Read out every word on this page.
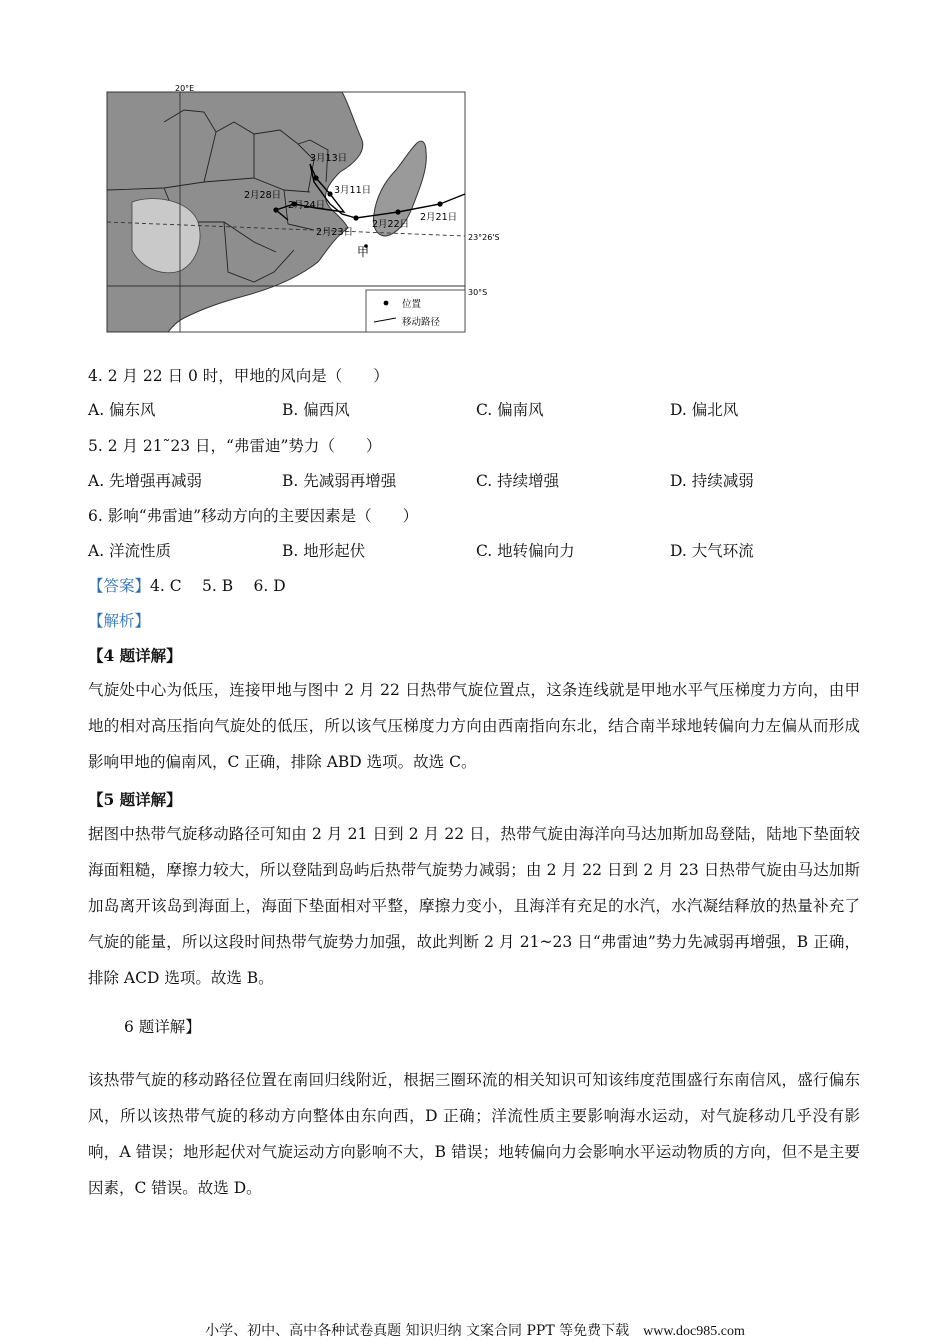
20°E
23°26'S
30°S
3月13日
3月11日
2月28日
2月24日
2月23日
2月22日
2月21日
甲
位置
移动路径
4. 2 月 22 日 0 时，甲地的风向是（　　）
A. 偏东风	B. 偏西风	C. 偏南风	D. 偏北风
5. 2 月 21˜23 日，“弗雷迪”势力（　　）
A. 先增强再减弱	B. 先减弱再增强	C. 持续增强	D. 持续减弱
6. 影响“弗雷迪”移动方向的主要因素是（　　）
A. 洋流性质	B. 地形起伏	C. 地转偏向力	D. 大气环流
【答案】4. C　 5. B　 6. D
【解析】
【4 题详解】

气旋处中心为低压，连接甲地与图中 2 月 22 日热带气旋位置点，这条连线就是甲地水平气压梯度力方向，由甲地的相对高压指向气旋处的低压，所以该气压梯度力方向由西南指向东北，结合南半球地转偏向力左偏从而形成影响甲地的偏南风，C 正确，排除 ABD 选项。故选 C。

【5 题详解】

据图中热带气旋移动路径可知由 2 月 21 日到 2 月 22 日，热带气旋由海洋向马达加斯加岛登陆，陆地下垫面较海面粗糙，摩擦力较大，所以登陆到岛屿后热带气旋势力减弱；由 2 月 22 日到 2 月 23 日热带气旋由马达加斯加岛离开该岛到海面上，海面下垫面相对平整，摩擦力变小，且海洋有充足的水汽，水汽凝结释放的热量补充了气旋的能量，所以这段时间热带气旋势力加强，故此判断 2 月 21~23 日“弗雷迪”势力先减弱再增强，B 正确，排除 ACD 选项。故选 B。

6 题详解】

该热带气旋的移动路径位置在南回归线附近，根据三圈环流的相关知识可知该纬度范围盛行东南信风，盛行偏东风，所以该热带气旋的移动方向整体由东向西，D 正确；洋流性质主要影响海水运动，对气旋移动几乎没有影响，A 错误；地形起伏对气旋运动方向影响不大，B 错误；地转偏向力会影响水平运动物质的方向，但不是主要因素，C 错误。故选 D。

小学、初中、高中各种试卷真题 知识归纳 文案合同 PPT 等免费下载 www.doc985.com
